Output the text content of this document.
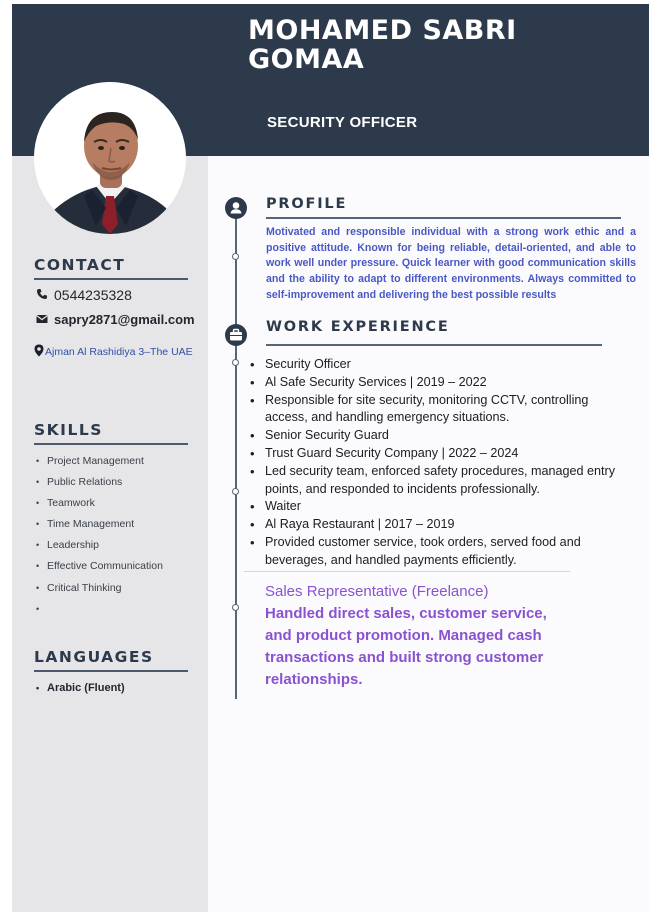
MOHAMED SABRI
GOMAA
SECURITY OFFICER
CONTACT
0544235328
sapry2871@gmail.com
Ajman Al Rashidiya 3–The UAE
SKILLS
• Project Management
• Public Relations
• Teamwork
• Time Management
• Leadership
• Effective Communication
• Critical Thinking
•
LANGUAGES
• Arabic (Fluent)
PROFILE
Motivated and responsible individual with a strong work ethic and a positive attitude. Known for being reliable, detail-oriented, and able to work well under pressure. Quick learner with good communication skills and the ability to adapt to different environments. Always committed to self-improvement and delivering the best possible results
WORK EXPERIENCE
• Security Officer
• Al Safe Security Services | 2019 – 2022
• Responsible for site security, monitoring CCTV, controlling access, and handling emergency situations.
• Senior Security Guard
• Trust Guard Security Company | 2022 – 2024
• Led security team, enforced safety procedures, managed entry points, and responded to incidents professionally.
• Waiter
• Al Raya Restaurant | 2017 – 2019
• Provided customer service, took orders, served food and beverages, and handled payments efficiently.
Sales Representative (Freelance)
Handled direct sales, customer service, and product promotion. Managed cash transactions and built strong customer relationships.
